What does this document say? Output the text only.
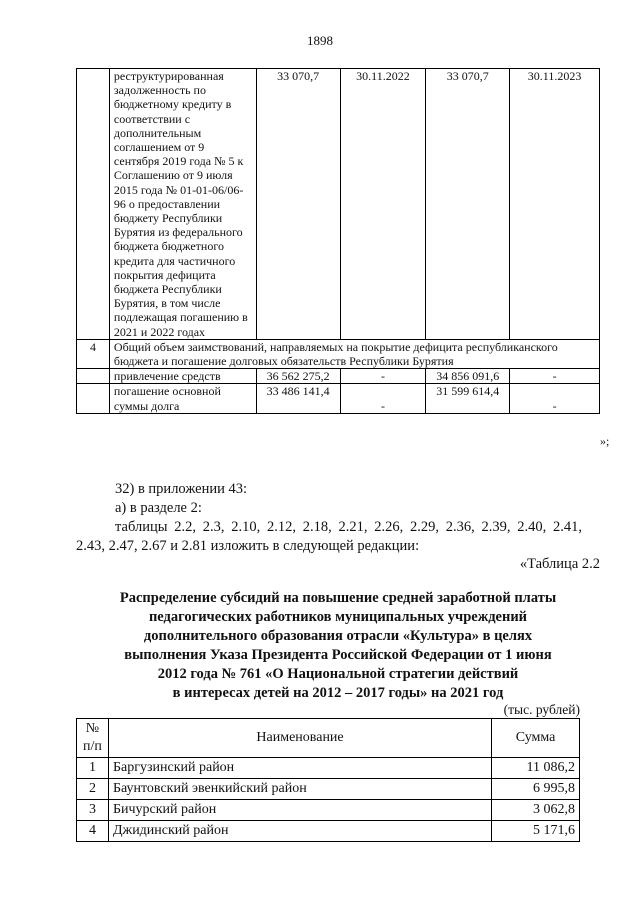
1898
	реструктурированная задолженность по бюджетному кредиту в соответствии с дополнительным соглашением от 9 сентября 2019 года № 5 к Соглашению от 9 июля 2015 года № 01-01-06/06-96 о предоставлении бюджету Республики Бурятия из федерального бюджета бюджетного кредита для частичного покрытия дефицита бюджета Республики Бурятия, в том числе подлежащая погашению в 2021 и 2022 годах	33 070,7	30.11.2022	33 070,7	30.11.2023
4	Общий объем заимствований, направляемых на покрытие дефицита республиканского бюджета и погашение долговых обязательств Республики Бурятия				
	привлечение средств	36 562 275,2	-	34 856 091,6	-
	погашение основной суммы долга	33 486 141,4	-	31 599 614,4	-
»;
32) в приложении 43:
а) в разделе 2:
таблицы 2.2, 2.3, 2.10, 2.12, 2.18, 2.21, 2.26, 2.29, 2.36, 2.39, 2.40, 2.41,
2.43, 2.47, 2.67 и 2.81 изложить в следующей редакции:
«Таблица 2.2
Распределение субсидий на повышение средней заработной платы
педагогических работников муниципальных учреждений
дополнительного образования отрасли «Культура» в целях
выполнения Указа Президента Российской Федерации от 1 июня
2012 года № 761 «О Национальной стратегии действий
в интересах детей на 2012 – 2017 годы» на 2021 год
(тыс. рублей)
№
п/п	Наименование	Сумма
1	Баргузинский район	11 086,2
2	Баунтовский эвенкийский район	6 995,8
3	Бичурский район	3 062,8
4	Джидинский район	5 171,6
